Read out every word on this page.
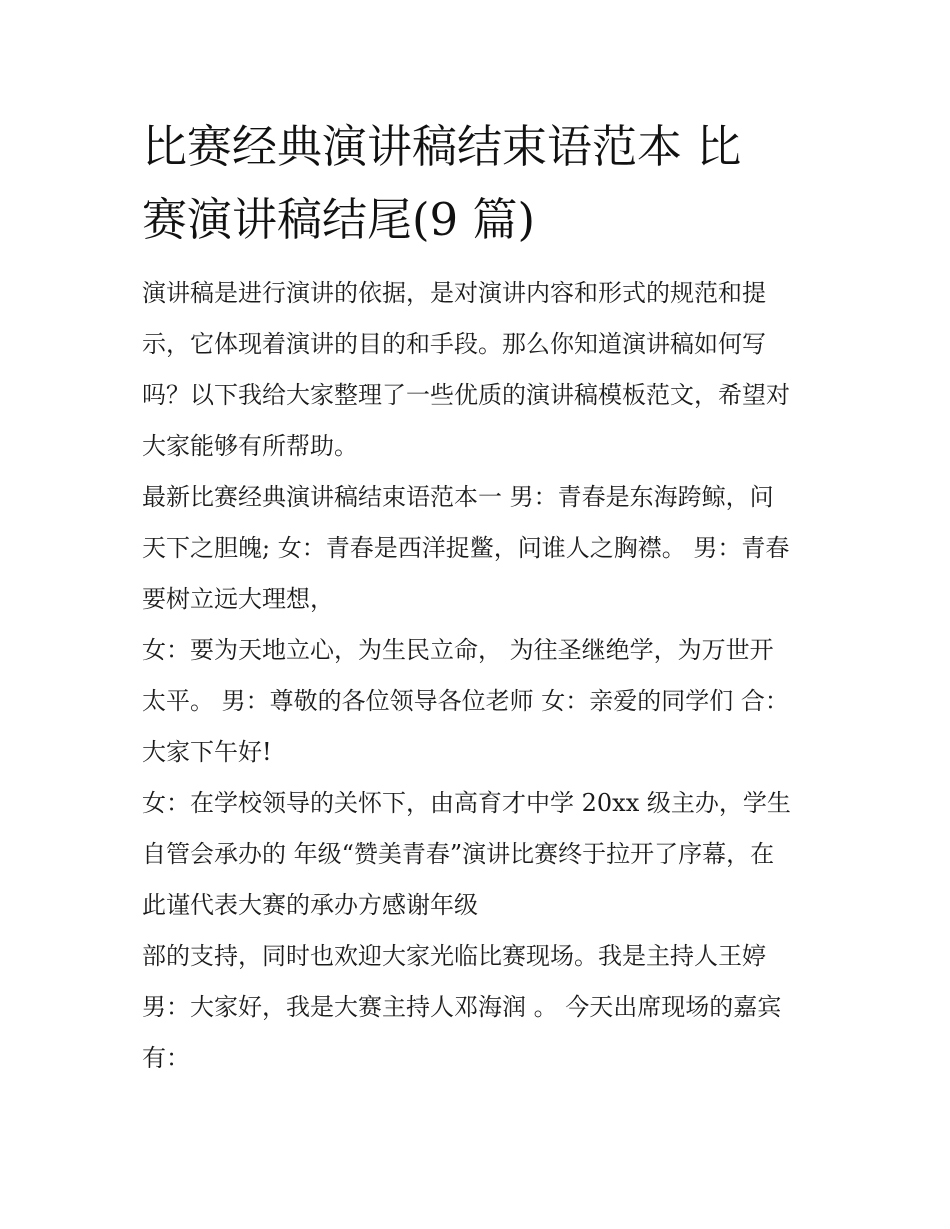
比赛经典演讲稿结束语范本 比
赛演讲稿结尾(9 篇)

演讲稿是进行演讲的依据，是对演讲内容和形式的规范和提
示，它体现着演讲的目的和手段。那么你知道演讲稿如何写
吗？以下我给大家整理了一些优质的演讲稿模板范文，希望对
大家能够有所帮助。

最新比赛经典演讲稿结束语范本一 男：青春是东海跨鲸，问
天下之胆魄; 女：青春是西洋捉鳖，问谁人之胸襟。 男：青春
要树立远大理想，

女：要为天地立心，为生民立命， 为往圣继绝学，为万世开
太平。 男：尊敬的各位领导各位老师 女：亲爱的同学们 合：
大家下午好!

女：在学校领导的关怀下，由高育才中学 20xx 级主办，学生
自管会承办的 年级“赞美青春”演讲比赛终于拉开了序幕，在
此谨代表大赛的承办方感谢年级

部的支持，同时也欢迎大家光临比赛现场。我是主持人王婷

男：大家好，我是大赛主持人邓海润 。 今天出席现场的嘉宾
有：
